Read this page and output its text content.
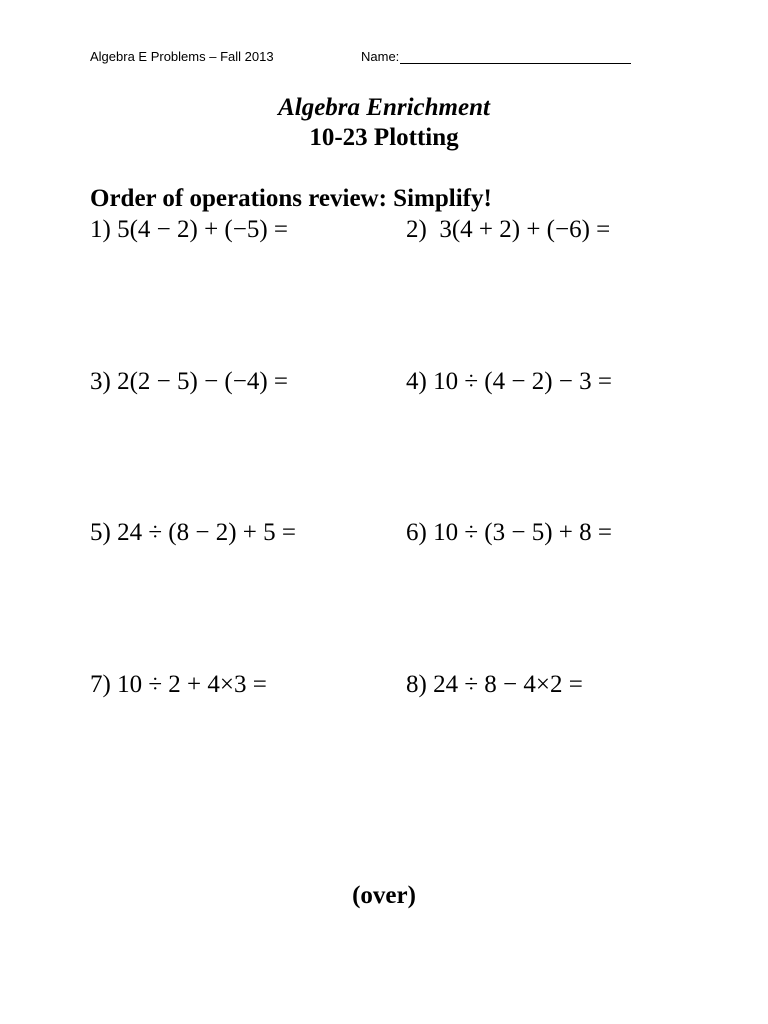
Algebra E Problems – Fall 2013	Name:
Algebra Enrichment
10-23 Plotting
Order of operations review: Simplify!
1) 5(4 − 2) + (−5) =	2)  3(4 + 2) + (−6) =
3) 2(2 − 5) − (−4) =	4) 10 ÷ (4 − 2) − 3 =
5) 24 ÷ (8 − 2) + 5 =	6) 10 ÷ (3 − 5) + 8 =
7) 10 ÷ 2 + 4×3 =	8) 24 ÷ 8 − 4×2 =
(over)
